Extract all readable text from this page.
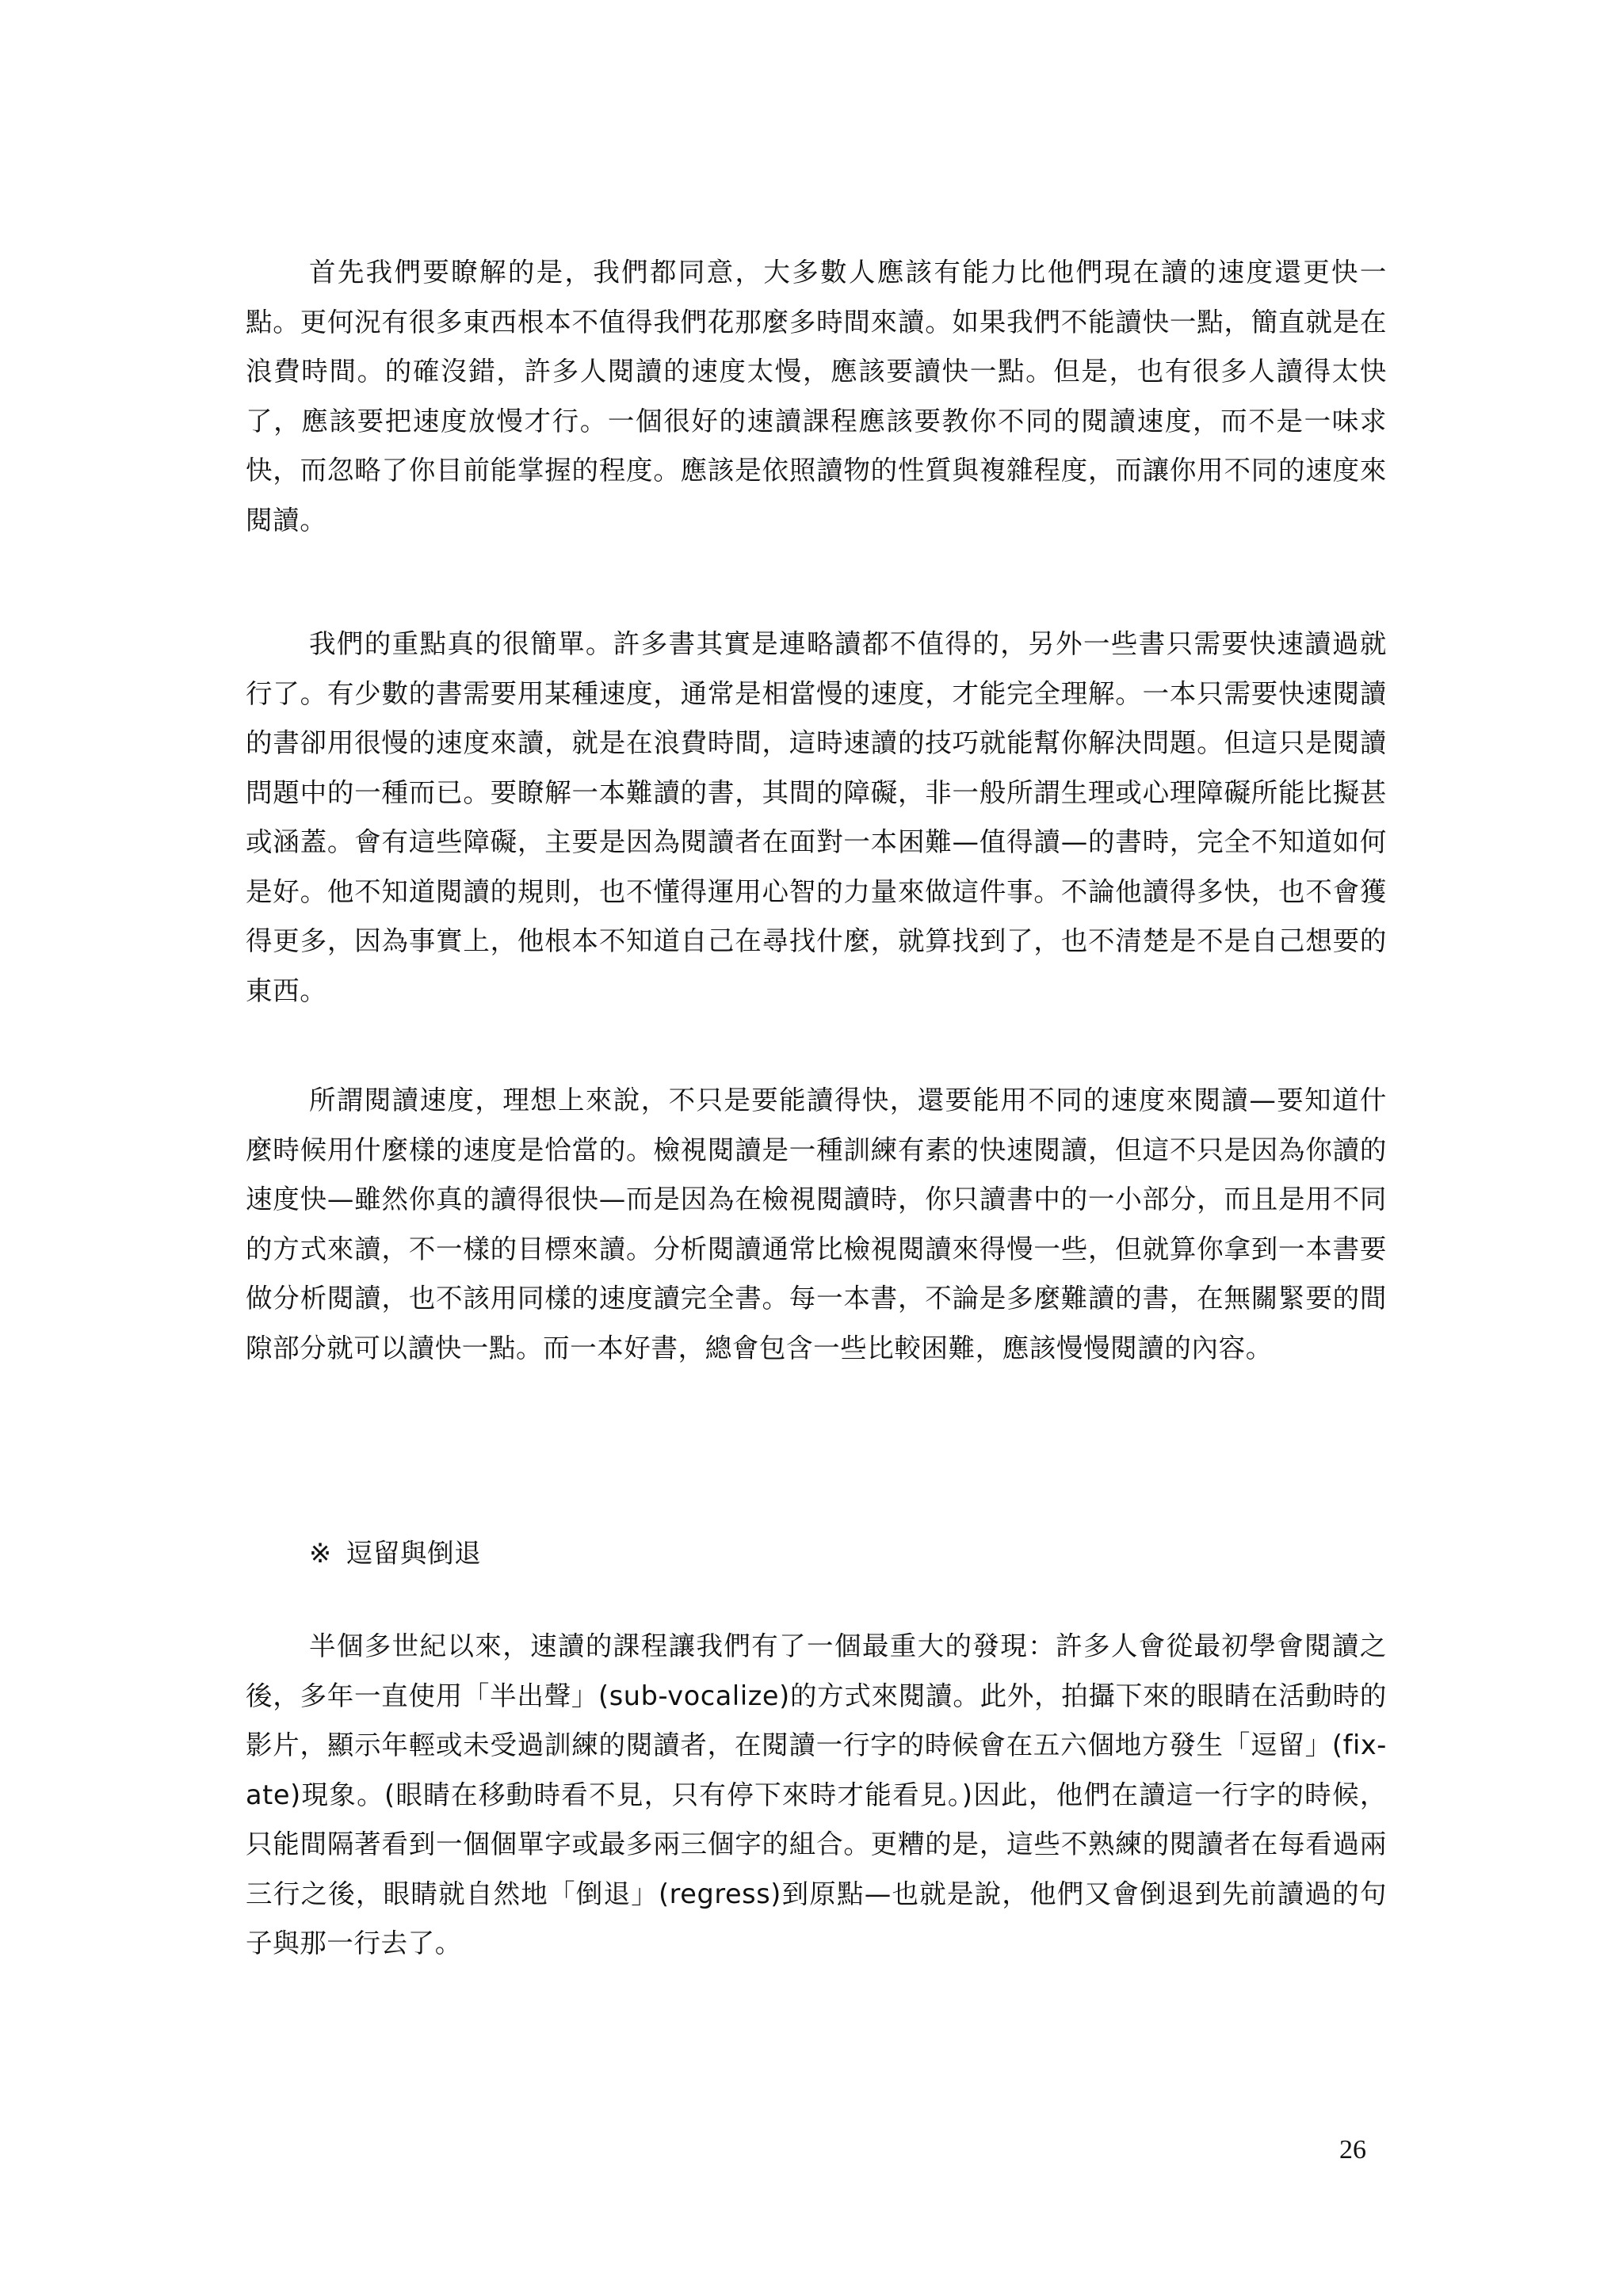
首先我們要瞭解的是，我們都同意，大多數人應該有能力比他們現在讀的速度還更快一點。更何況有很多東西根本不值得我們花那麼多時間來讀。如果我們不能讀快一點，簡直就是在浪費時間。的確沒錯，許多人閱讀的速度太慢，應該要讀快一點。但是，也有很多人讀得太快了，應該要把速度放慢才行。一個很好的速讀課程應該要教你不同的閱讀速度，而不是一味求快，而忽略了你目前能掌握的程度。應該是依照讀物的性質與複雜程度，而讓你用不同的速度來閱讀。

我們的重點真的很簡單。許多書其實是連略讀都不值得的，另外一些書只需要快速讀過就行了。有少數的書需要用某種速度，通常是相當慢的速度，才能完全理解。一本只需要快速閱讀的書卻用很慢的速度來讀，就是在浪費時間，這時速讀的技巧就能幫你解決問題。但這只是閱讀問題中的一種而已。要瞭解一本難讀的書，其間的障礙，非一般所謂生理或心理障礙所能比擬甚或涵蓋。會有這些障礙，主要是因為閱讀者在面對一本困難—值得讀—的書時，完全不知道如何是好。他不知道閱讀的規則，也不懂得運用心智的力量來做這件事。不論他讀得多快，也不會獲得更多，因為事實上，他根本不知道自己在尋找什麼，就算找到了，也不清楚是不是自己想要的東西。

所謂閱讀速度，理想上來說，不只是要能讀得快，還要能用不同的速度來閱讀—要知道什麼時候用什麼樣的速度是恰當的。檢視閱讀是一種訓練有素的快速閱讀，但這不只是因為你讀的速度快—雖然你真的讀得很快—而是因為在檢視閱讀時，你只讀書中的一小部分，而且是用不同的方式來讀，不一樣的目標來讀。分析閱讀通常比檢視閱讀來得慢一些，但就算你拿到一本書要做分析閱讀，也不該用同樣的速度讀完全書。每一本書，不論是多麼難讀的書，在無關緊要的間隙部分就可以讀快一點。而一本好書，總會包含一些比較困難，應該慢慢閱讀的內容。

※ 逗留與倒退

半個多世紀以來，速讀的課程讓我們有了一個最重大的發現：許多人會從最初學會閱讀之後，多年一直使用「半出聲」(sub-vocalize)的方式來閱讀。此外，拍攝下來的眼睛在活動時的影片，顯示年輕或未受過訓練的閱讀者，在閱讀一行字的時候會在五六個地方發生「逗留」(fix-ate)現象。(眼睛在移動時看不見，只有停下來時才能看見。)因此，他們在讀這一行字的時候，只能間隔著看到一個個單字或最多兩三個字的組合。更糟的是，這些不熟練的閱讀者在每看過兩三行之後，眼睛就自然地「倒退」(regress)到原點—也就是說，他們又會倒退到先前讀過的句子與那一行去了。

26
